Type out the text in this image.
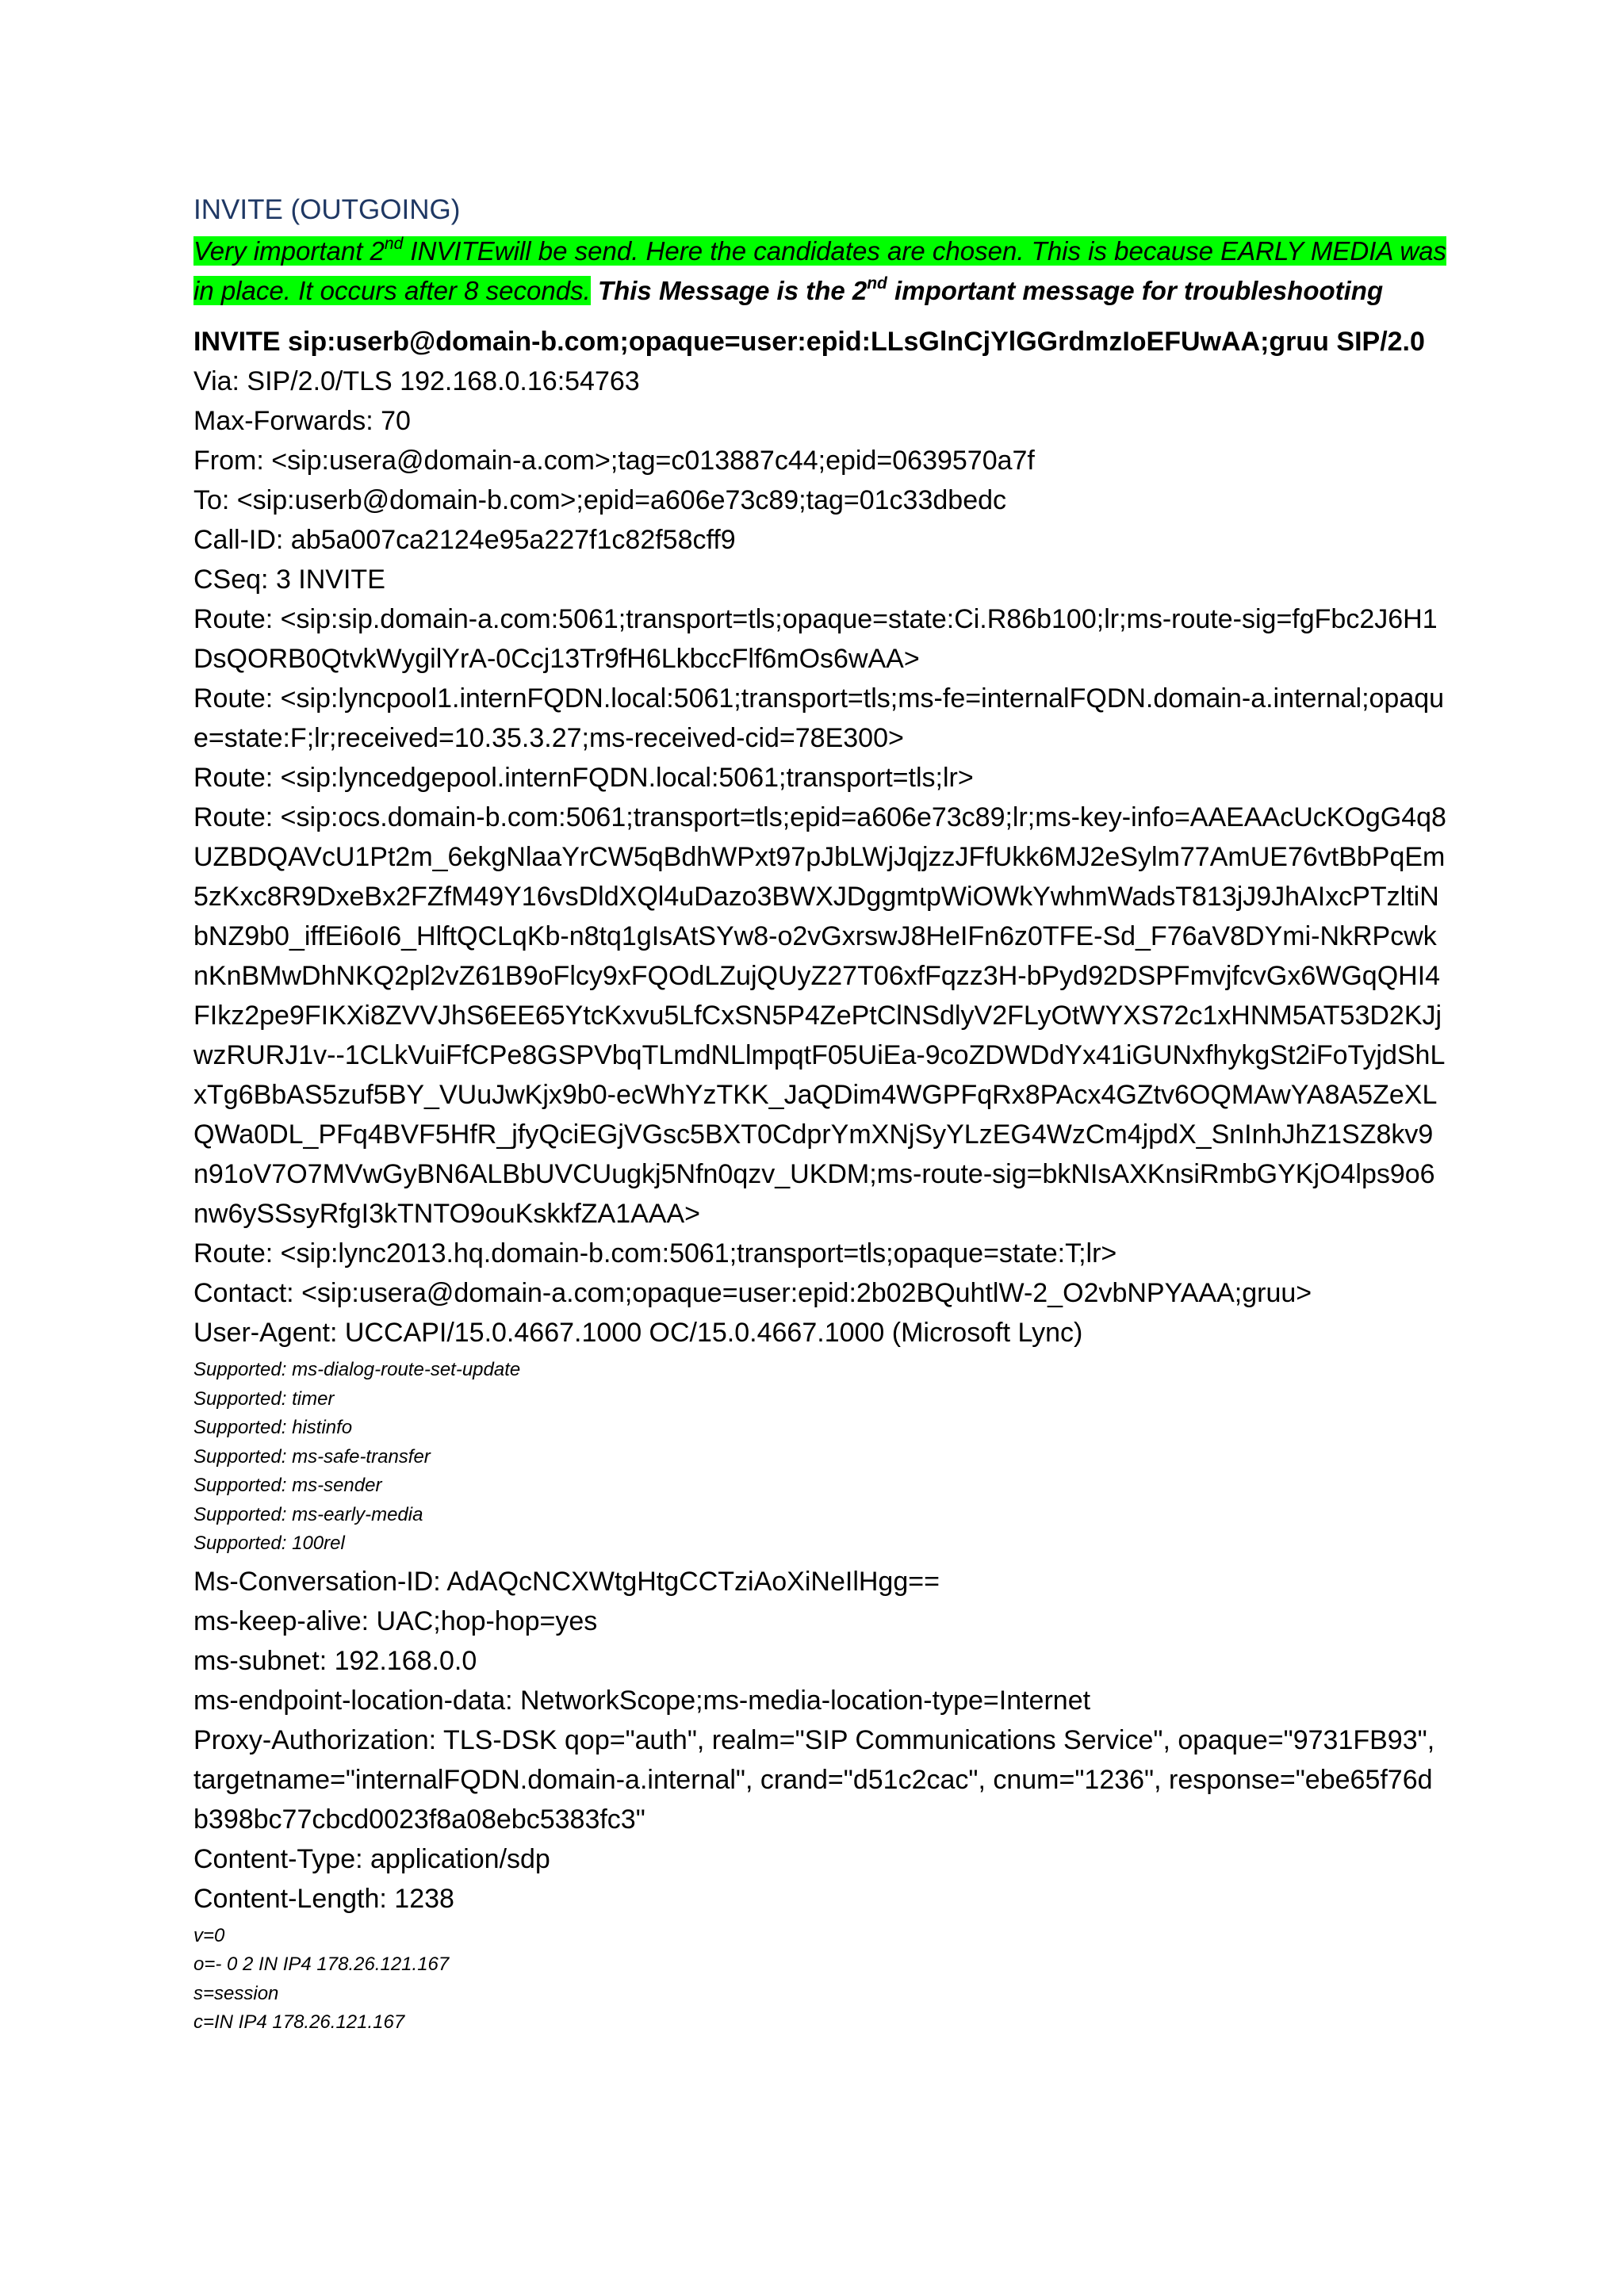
INVITE (OUTGOING)

Very important 2nd INVITEwill be send. Here the candidates are chosen. This is because EARLY MEDIA was in place. It occurs after 8 seconds. This Message is the 2nd important message for troubleshooting

INVITE sip:userb@domain-b.com;opaque=user:epid:LLsGlnCjYlGGrdmzIoEFUwAA;gruu SIP/2.0

Via: SIP/2.0/TLS 192.168.0.16:54763

Max-Forwards: 70

From: <sip:usera@domain-a.com>;tag=c013887c44;epid=0639570a7f

To: <sip:userb@domain-b.com>;epid=a606e73c89;tag=01c33dbedc

Call-ID: ab5a007ca2124e95a227f1c82f58cff9

CSeq: 3 INVITE

Route: <sip:sip.domain-a.com:5061;transport=tls;opaque=state:Ci.R86b100;lr;ms-route-sig=fgFbc2J6H1DsQORB0QtvkWygilYrA-0Ccj13Tr9fH6LkbccFlf6mOs6wAA>

Route: <sip:lyncpool1.internFQDN.local:5061;transport=tls;ms-fe=internalFQDN.domain-a.internal;opaque=state:F;lr;received=10.35.3.27;ms-received-cid=78E300>

Route: <sip:lyncedgepool.internFQDN.local:5061;transport=tls;lr>

Route: <sip:ocs.domain-b.com:5061;transport=tls;epid=a606e73c89;lr;ms-key-info=AAEAAcUcKOgG4q8UZBDQAVcU1Pt2m_6ekgNlaaYrCW5qBdhWPxt97pJbLWjJqjzzJFfUkk6MJ2eSylm77AmUE76vtBbPqEm5zKxc8R9DxeBx2FZfM49Y16vsDldXQl4uDazo3BWXJDggmtpWiOWkYwhmWadsT813jJ9JhAIxcPTzltiNbNZ9b0_iffEi6oI6_HlftQCLqKb-n8tq1gIsAtSYw8-o2vGxrswJ8HeIFn6z0TFE-Sd_F76aV8DYmi-NkRPcwknKnBMwDhNKQ2pl2vZ61B9oFlcy9xFQOdLZujQUyZ27T06xfFqzz3H-bPyd92DSPFmvjfcvGx6WGqQHI4FIkz2pe9FIKXi8ZVVJhS6EE65YtcKxvu5LfCxSN5P4ZePtClNSdlyV2FLyOtWYXS72c1xHNM5AT53D2KJjwzRURJ1v--1CLkVuiFfCPe8GSPVbqTLmdNLlmpqtF05UiEa-9coZDWDdYx41iGUNxfhykgSt2iFoTyjdShLxTg6BbAS5zuf5BY_VUuJwKjx9b0-ecWhYzTKK_JaQDim4WGPFqRx8PAcx4GZtv6OQMAwYA8A5ZeXLQWa0DL_PFq4BVF5HfR_jfyQciEGjVGsc5BXT0CdprYmXNjSyYLzEG4WzCm4jpdX_SnInhJhZ1SZ8kv9n91oV7O7MVwGyBN6ALBbUVCUugkj5Nfn0qzv_UKDM;ms-route-sig=bkNIsAXKnsiRmbGYKjO4lps9o6nw6ySSsyRfgI3kTNTO9ouKskkfZA1AAA>

Route: <sip:lync2013.hq.domain-b.com:5061;transport=tls;opaque=state:T;lr>

Contact: <sip:usera@domain-a.com;opaque=user:epid:2b02BQuhtlW-2_O2vbNPYAAA;gruu>

User-Agent: UCCAPI/15.0.4667.1000 OC/15.0.4667.1000 (Microsoft Lync)

Supported: ms-dialog-route-set-update

Supported: timer

Supported: histinfo

Supported: ms-safe-transfer

Supported: ms-sender

Supported: ms-early-media

Supported: 100rel

Ms-Conversation-ID: AdAQcNCXWtgHtgCCTziAoXiNeIlHgg==

ms-keep-alive: UAC;hop-hop=yes

ms-subnet: 192.168.0.0

ms-endpoint-location-data: NetworkScope;ms-media-location-type=Internet

Proxy-Authorization: TLS-DSK qop="auth", realm="SIP Communications Service", opaque="9731FB93", targetname="internalFQDN.domain-a.internal", crand="d51c2cac", cnum="1236", response="ebe65f76db398bc77cbcd0023f8a08ebc5383fc3"

Content-Type: application/sdp

Content-Length: 1238

v=0

o=- 0 2 IN IP4 178.26.121.167

s=session

c=IN IP4 178.26.121.167
